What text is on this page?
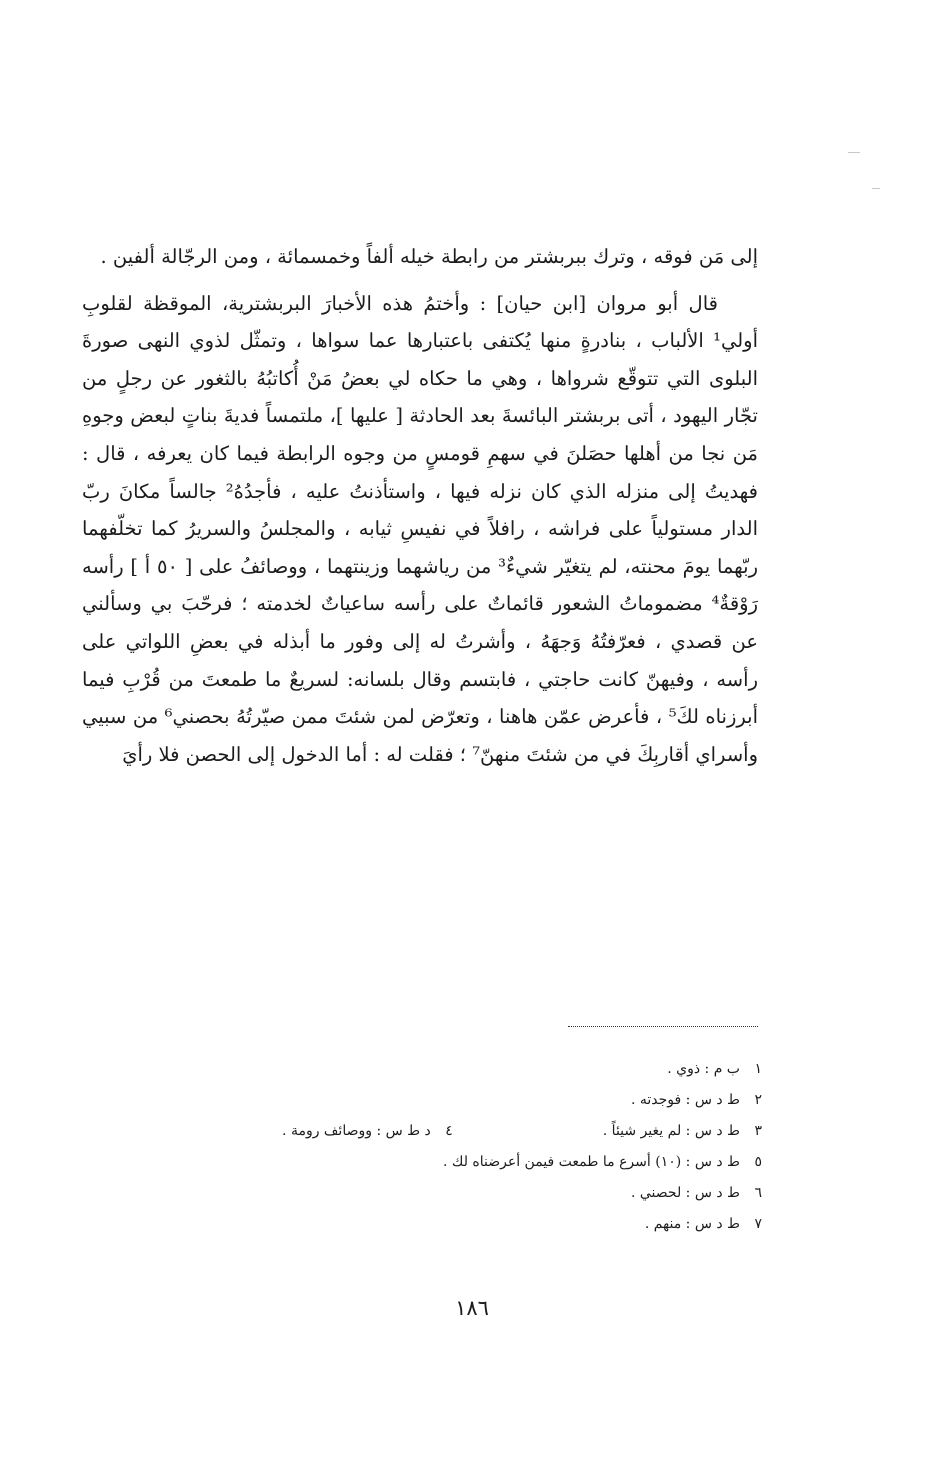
إلى مَن فوقه ، وترك ببربشتر من رابطة خيله ألفاً وخمسمائة ، ومن الرجّالة ألفين .

قال أبو مروان [ابن حيان] : وأختمُ هذه الأخبارَ البربشترية، الموقظة لقلوبِ أولي¹ الألباب ، بنادرةٍ منها يُكتفى باعتبارها عما سواها ، وتمثّل لذوي النهى صورةَ البلوى التي تتوقّع شرواها ، وهي ما حكاه لي بعضُ مَنْ أُكاتبُهُ بالثغور عن رجلٍ من تجّار اليهود ، أتى بربشتر البائسةَ بعد الحادثة [ عليها ]، ملتمساً فديةَ بناتٍ لبعض وجوهِ مَن نجا من أهلها حصَلنَ في سهمِ قومسٍ من وجوه الرابطة فيما كان يعرفه ، قال : فهديتُ إلى منزله الذي كان نزله فيها ، واستأذنتُ عليه ، فأجدُهُ² جالساً مكانَ ربّ الدار مستولياً على فراشه ، رافلاً في نفيسِ ثيابه ، والمجلسُ والسريرُ كما تخلّفهما ربّهما يومَ محنته، لم يتغيّر شيءٌ³ من رياشهما وزينتهما ، ووصائفُ على [ ٥٠ أ ] رأسه رَوْقةٌ⁴ مضموماتُ الشعور قائماتٌ على رأسه ساعياتٌ لخدمته ؛ فرحّبَ بي وسألني عن قصدي ، فعرّفتُهُ وَجهَهُ ، وأشرتُ له إلى وفور ما أبذله في بعضِ اللواتي على رأسه ، وفيهنّ كانت حاجتي ، فابتسم وقال بلسانه: لسريعٌ ما طمعتَ من قُرْبِ فيما أبرزناه لكَ⁵ ، فأعرض عمّن هاهنا ، وتعرّض لمن شئتَ ممن صيّرتُهُ بحصني⁶ من سبيي وأسراي أقاربِكَ في من شئتَ منهنّ⁷ ؛ فقلت له : أما الدخول إلى الحصن فلا رأيَ

١ب م : ذوي .
٢ط د س : فوجدته .
٣ط د س : لم يغير شيئاً .
٤د ط س : ووصائف رومة .
٥ط د س : (١٠) أسرع ما طمعت فيمن أعرضناه لك .
٦ط د س : لحصني .
٧ط د س : منهم .
١٨٦
